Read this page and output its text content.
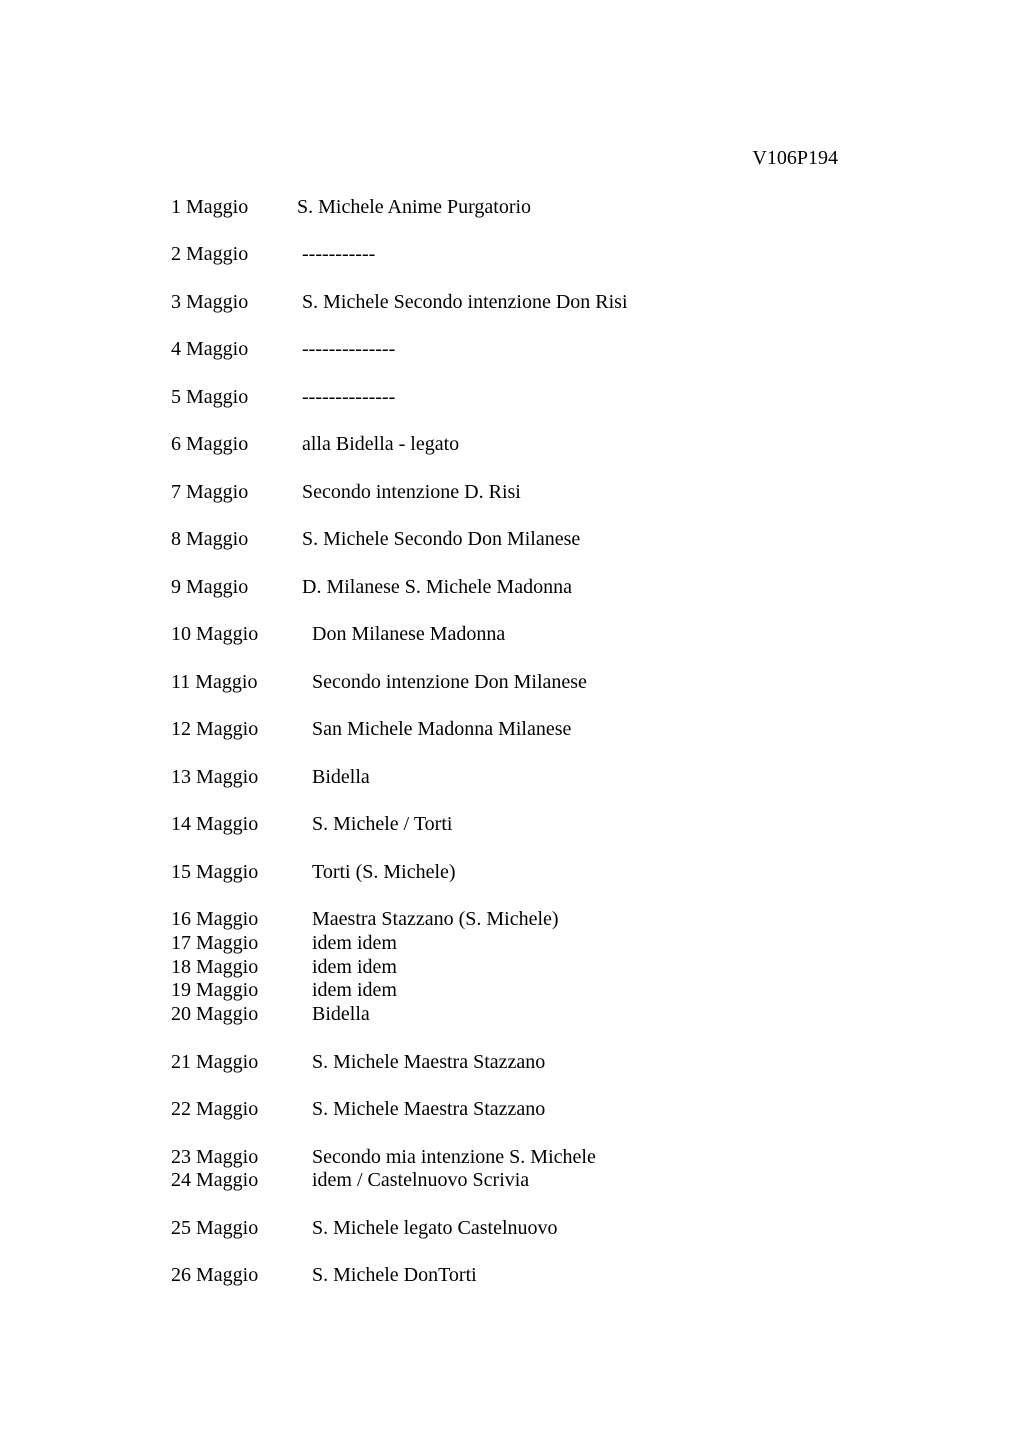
V106P194
1 Maggio S. Michele Anime Purgatorio
2 Maggio	-----------
3 Maggio	S. Michele Secondo intenzione Don Risi
4 Maggio	--------------
5 Maggio	--------------
6 Maggio	alla Bidella - legato
7 Maggio	Secondo intenzione D. Risi
8 Maggio	S. Michele Secondo Don Milanese
9 Maggio	D. Milanese S. Michele Madonna
10 Maggio	Don Milanese Madonna
11 Maggio	Secondo intenzione Don Milanese
12 Maggio	San Michele Madonna Milanese
13 Maggio	Bidella
14 Maggio	S. Michele / Torti
15 Maggio	Torti (S. Michele)
16 Maggio	Maestra Stazzano (S. Michele)
17 Maggio	idem idem
18 Maggio	idem idem
19 Maggio	idem idem
20 Maggio	Bidella
21 Maggio	S. Michele Maestra Stazzano
22 Maggio	S. Michele Maestra Stazzano
23 Maggio	Secondo mia intenzione S. Michele
24 Maggio	idem / Castelnuovo Scrivia
25 Maggio	S. Michele legato Castelnuovo
26 Maggio	S. Michele DonTorti
